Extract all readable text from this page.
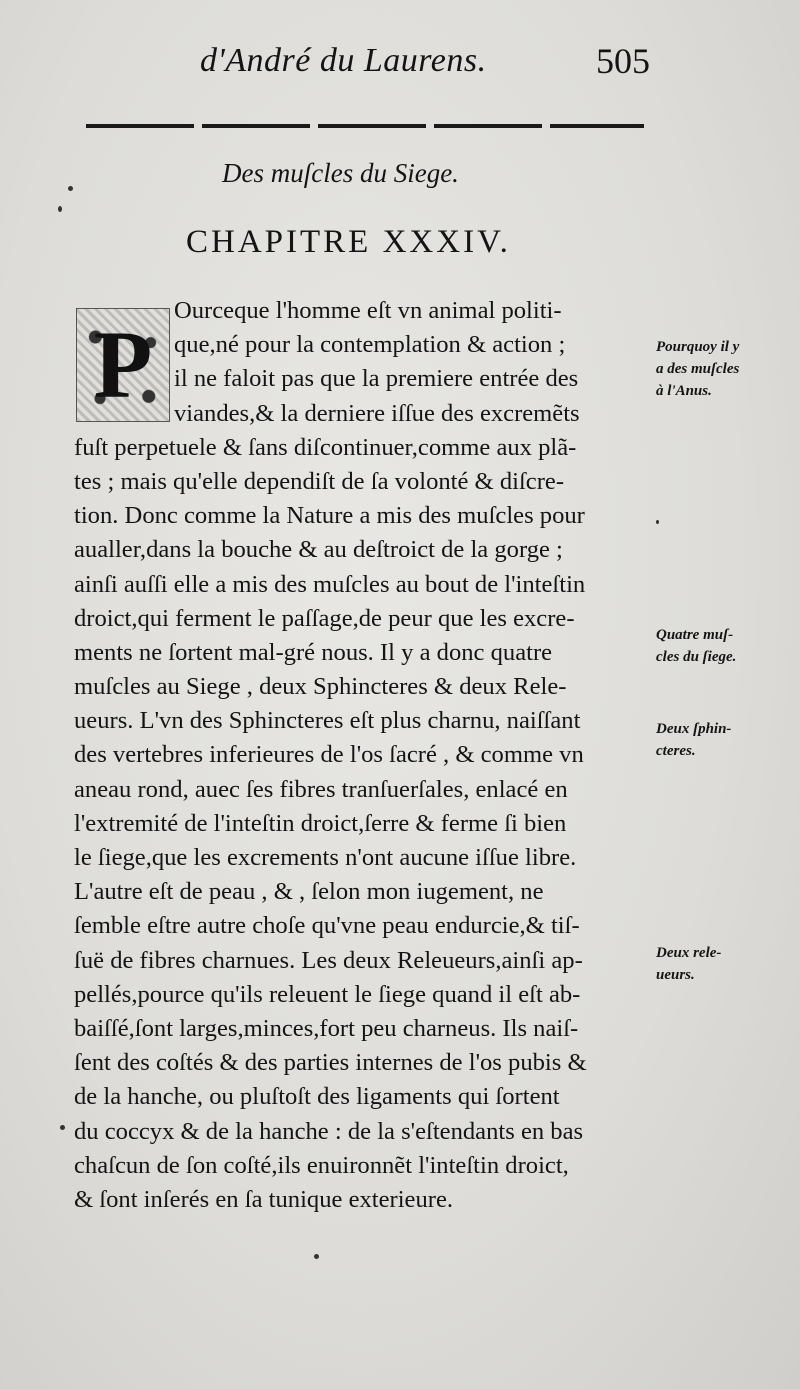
d'André du Laurens.	505
Des muſcles du Siege.
CHAPITRE XXXIV.
P
Ourceque l'homme eſt vn animal politi-
que,né pour la contemplation & action ;
il ne faloit pas que la premiere entrée des
viandes,& la derniere iſſue des excremẽts
fuſt perpetuele & ſans diſcontinuer,comme aux plã-
tes ; mais qu'elle dependiſt de ſa volonté & diſcre-
tion. Donc comme la Nature a mis des muſcles pour
aualler,dans la bouche & au deſtroict de la gorge ;
ainſi auſſi elle a mis des muſcles au bout de l'inteſtin
droict,qui ferment le paſſage,de peur que les excre-
ments ne ſortent mal-gré nous. Il y a donc quatre
muſcles au Siege , deux Sphincteres & deux Rele-
ueurs. L'vn des Sphincteres eſt plus charnu, naiſſant
des vertebres inferieures de l'os ſacré , & comme vn
aneau rond, auec ſes fibres tranſuerſales, enlacé en
l'extremité de l'inteſtin droict,ſerre & ferme ſi bien
le ſiege,que les excrements n'ont aucune iſſue libre.
L'autre eſt de peau , & , ſelon mon iugement, ne
ſemble eſtre autre choſe qu'vne peau endurcie,& tiſ-
ſuë de fibres charnues. Les deux Releueurs,ainſi ap-
pellés,pource qu'ils releuent le ſiege quand il eſt ab-
baiſſé,ſont larges,minces,fort peu charneus. Ils naiſ-
ſent des coſtés & des parties internes de l'os pubis &
de la hanche, ou pluſtoſt des ligaments qui ſortent
du coccyx & de la hanche : de la s'eſtendants en bas
chaſcun de ſon coſté,ils enuironnẽt l'inteſtin droict,
& ſont inſerés en ſa tunique exterieure.
Pourquoy il y
a des muſcles
à l'Anus.
Quatre muſ-
cles du ſiege.
Deux ſphin-
cteres.
Deux rele-
ueurs.
